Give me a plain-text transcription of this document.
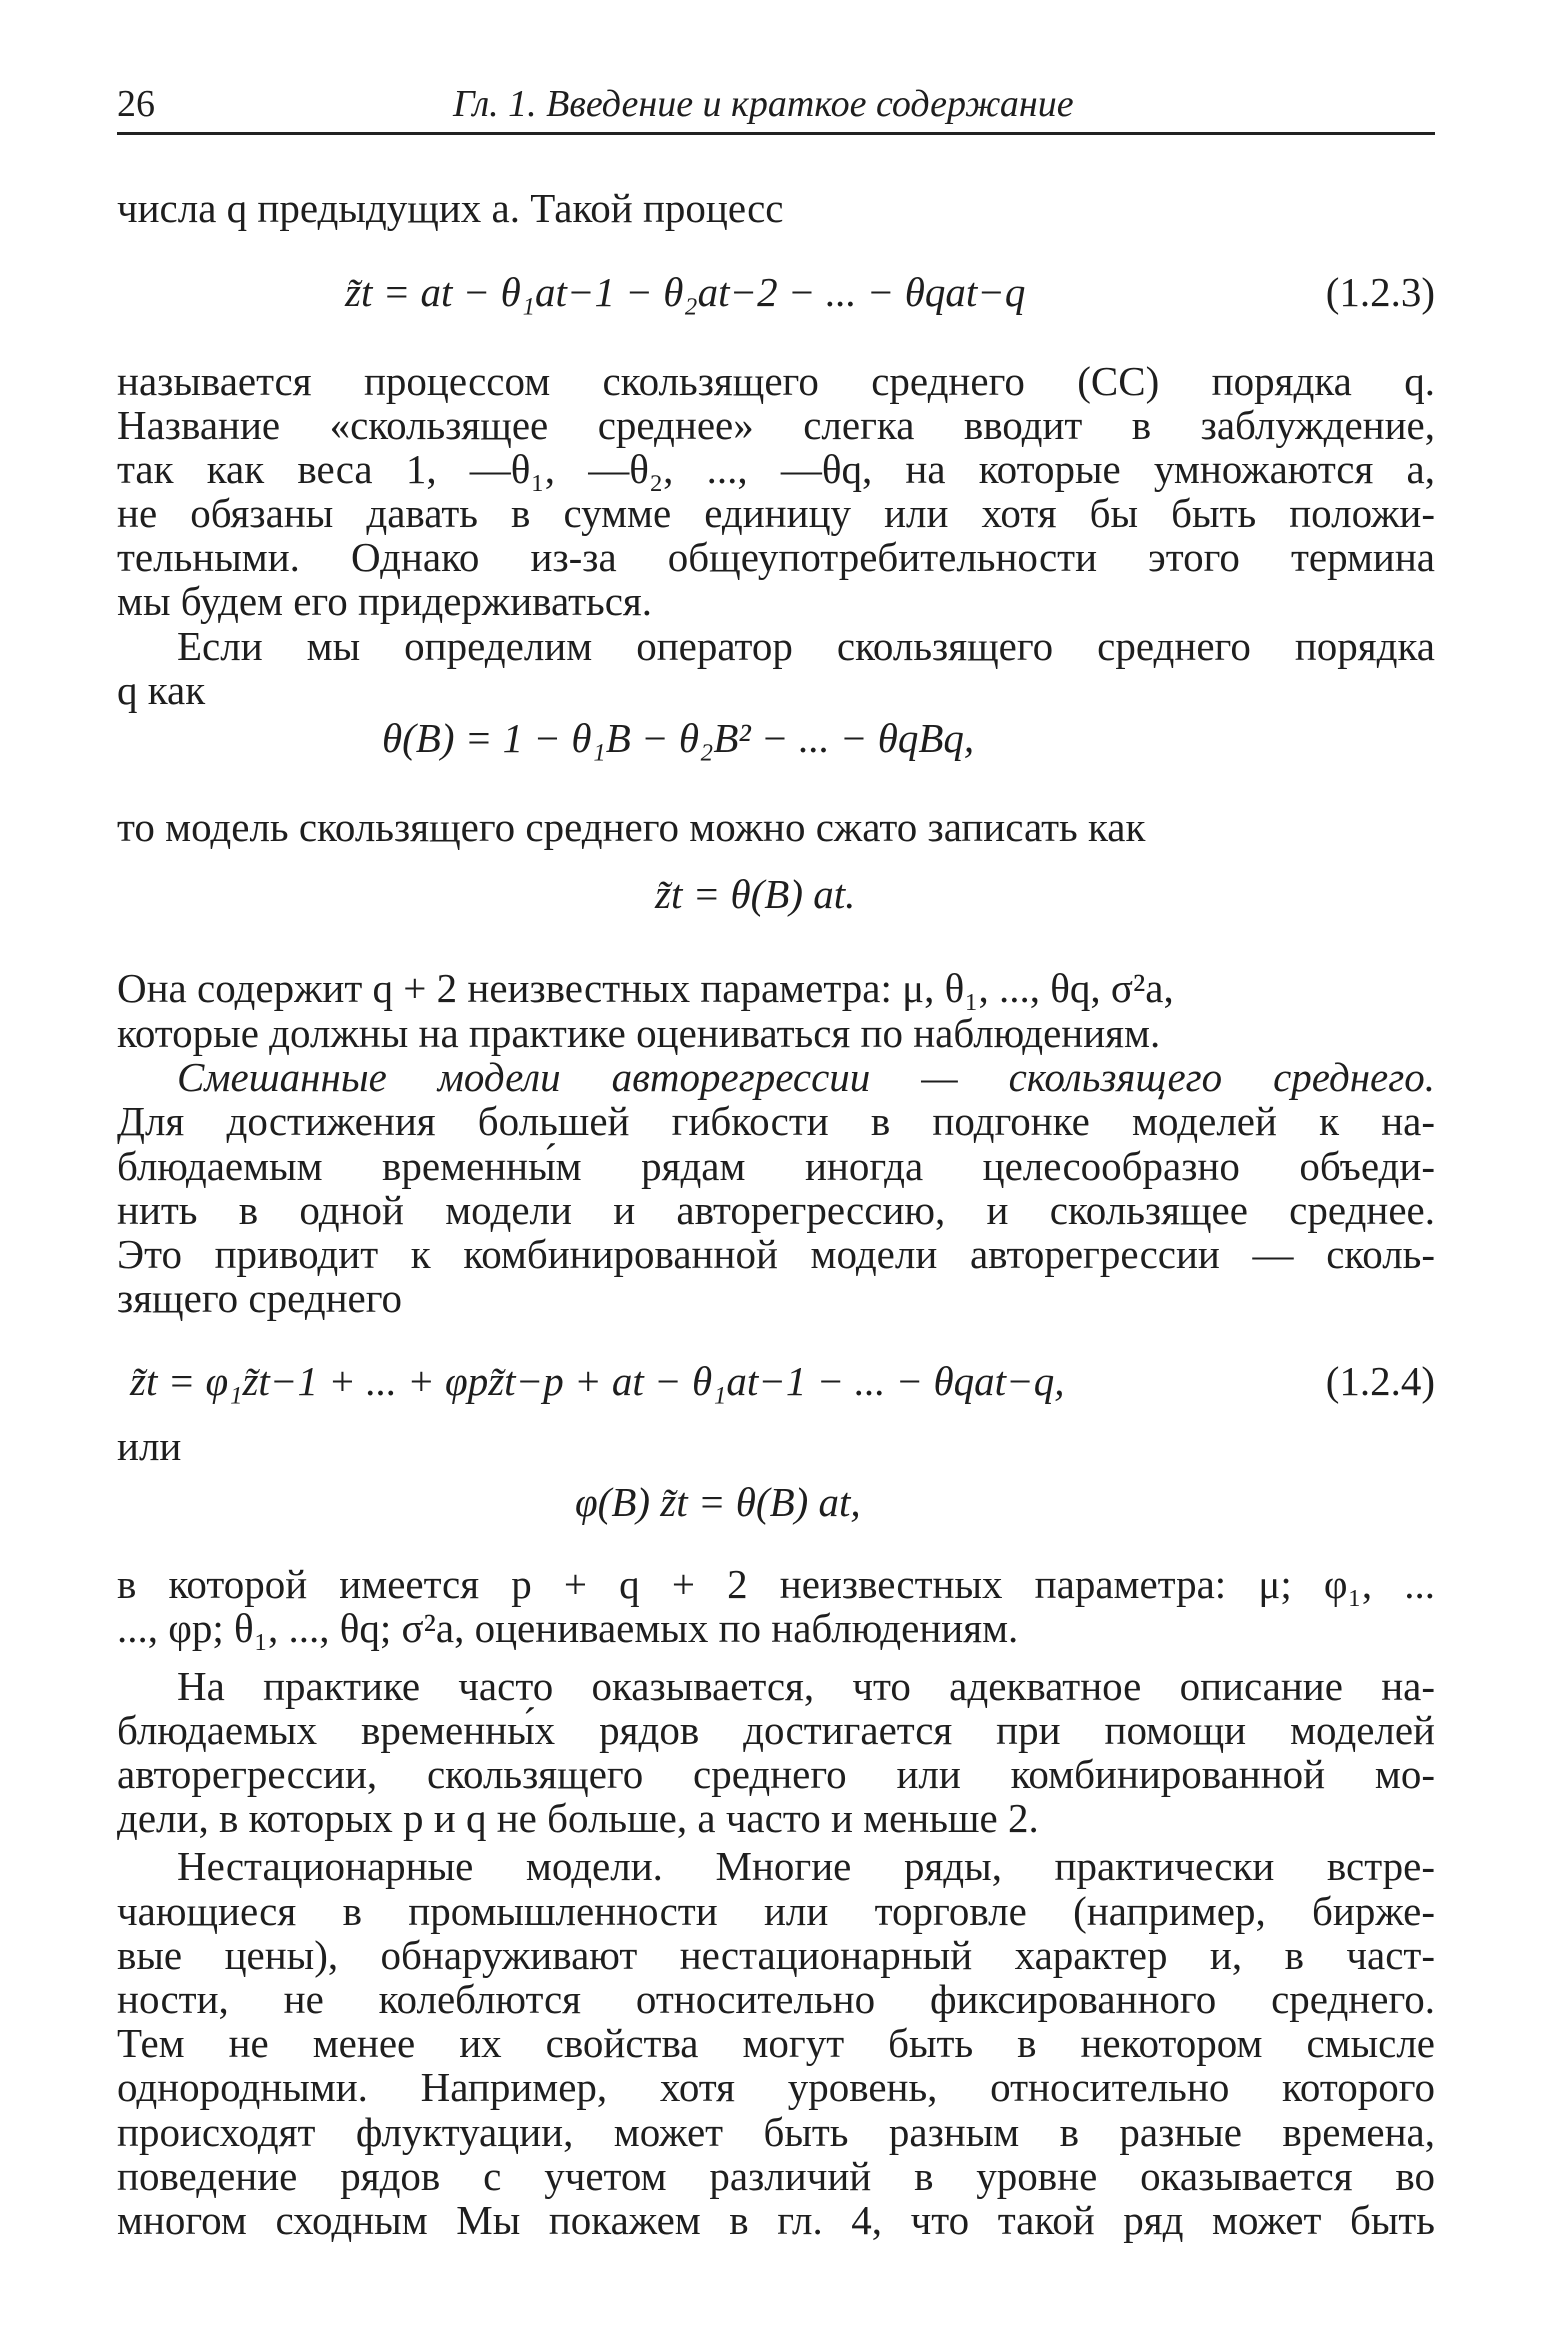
26	Гл. 1. Введение и краткое содержание
числа q предыдущих a. Такой процесс
z̃t = at − θ₁at−1 − θ₂at−2 − ... − θqat−q	(1.2.3)
называется процессом скользящего среднего (СС) порядка q.
Название «скользящее среднее» слегка вводит в заблуждение,
так как веса 1, —θ₁, —θ₂, ..., —θq, на которые умножаются a,
не обязаны давать в сумме единицу или хотя бы быть положи-
тельными. Однако из-за общеупотребительности этого термина
мы будем его придерживаться.
Если мы определим оператор скользящего среднего порядка
q как
θ(B) = 1 − θ₁B − θ₂B² − ... − θqBq,
то модель скользящего среднего можно сжато записать как
z̃t = θ(B) at.
Она содержит q + 2 неизвестных параметра: μ, θ₁, ..., θq, σ²a,
которые должны на практике оцениваться по наблюдениям.
Смешанные модели авторегрессии — скользящего среднего.
Для достижения большей гибкости в подгонке моделей к на-
блюдаемым временны́м рядам иногда целесообразно объеди-
нить в одной модели и авторегрессию, и скользящее среднее.
Это приводит к комбинированной модели авторегрессии — сколь-
зящего среднего
z̃t = φ₁z̃t−1 + ... + φpz̃t−p + at − θ₁at−1 − ... − θqat−q,	(1.2.4)
или
φ(B) z̃t = θ(B) at,
в которой имеется p + q + 2 неизвестных параметра: μ; φ₁, ...
..., φp; θ₁, ..., θq; σ²a, оцениваемых по наблюдениям.
На практике часто оказывается, что адекватное описание на-
блюдаемых временны́х рядов достигается при помощи моделей
авторегрессии, скользящего среднего или комбинированной мо-
дели, в которых p и q не больше, а часто и меньше 2.
Нестационарные модели. Многие ряды, практически встре-
чающиеся в промышленности или торговле (например, бирже-
вые цены), обнаруживают нестационарный характер и, в част-
ности, не колеблются относительно фиксированного среднего.
Тем не менее их свойства могут быть в некотором смысле
однородными. Например, хотя уровень, относительно которого
происходят флуктуации, может быть разным в разные времена,
поведение рядов с учетом различий в уровне оказывается во
многом сходным Мы покажем в гл. 4, что такой ряд может быть
